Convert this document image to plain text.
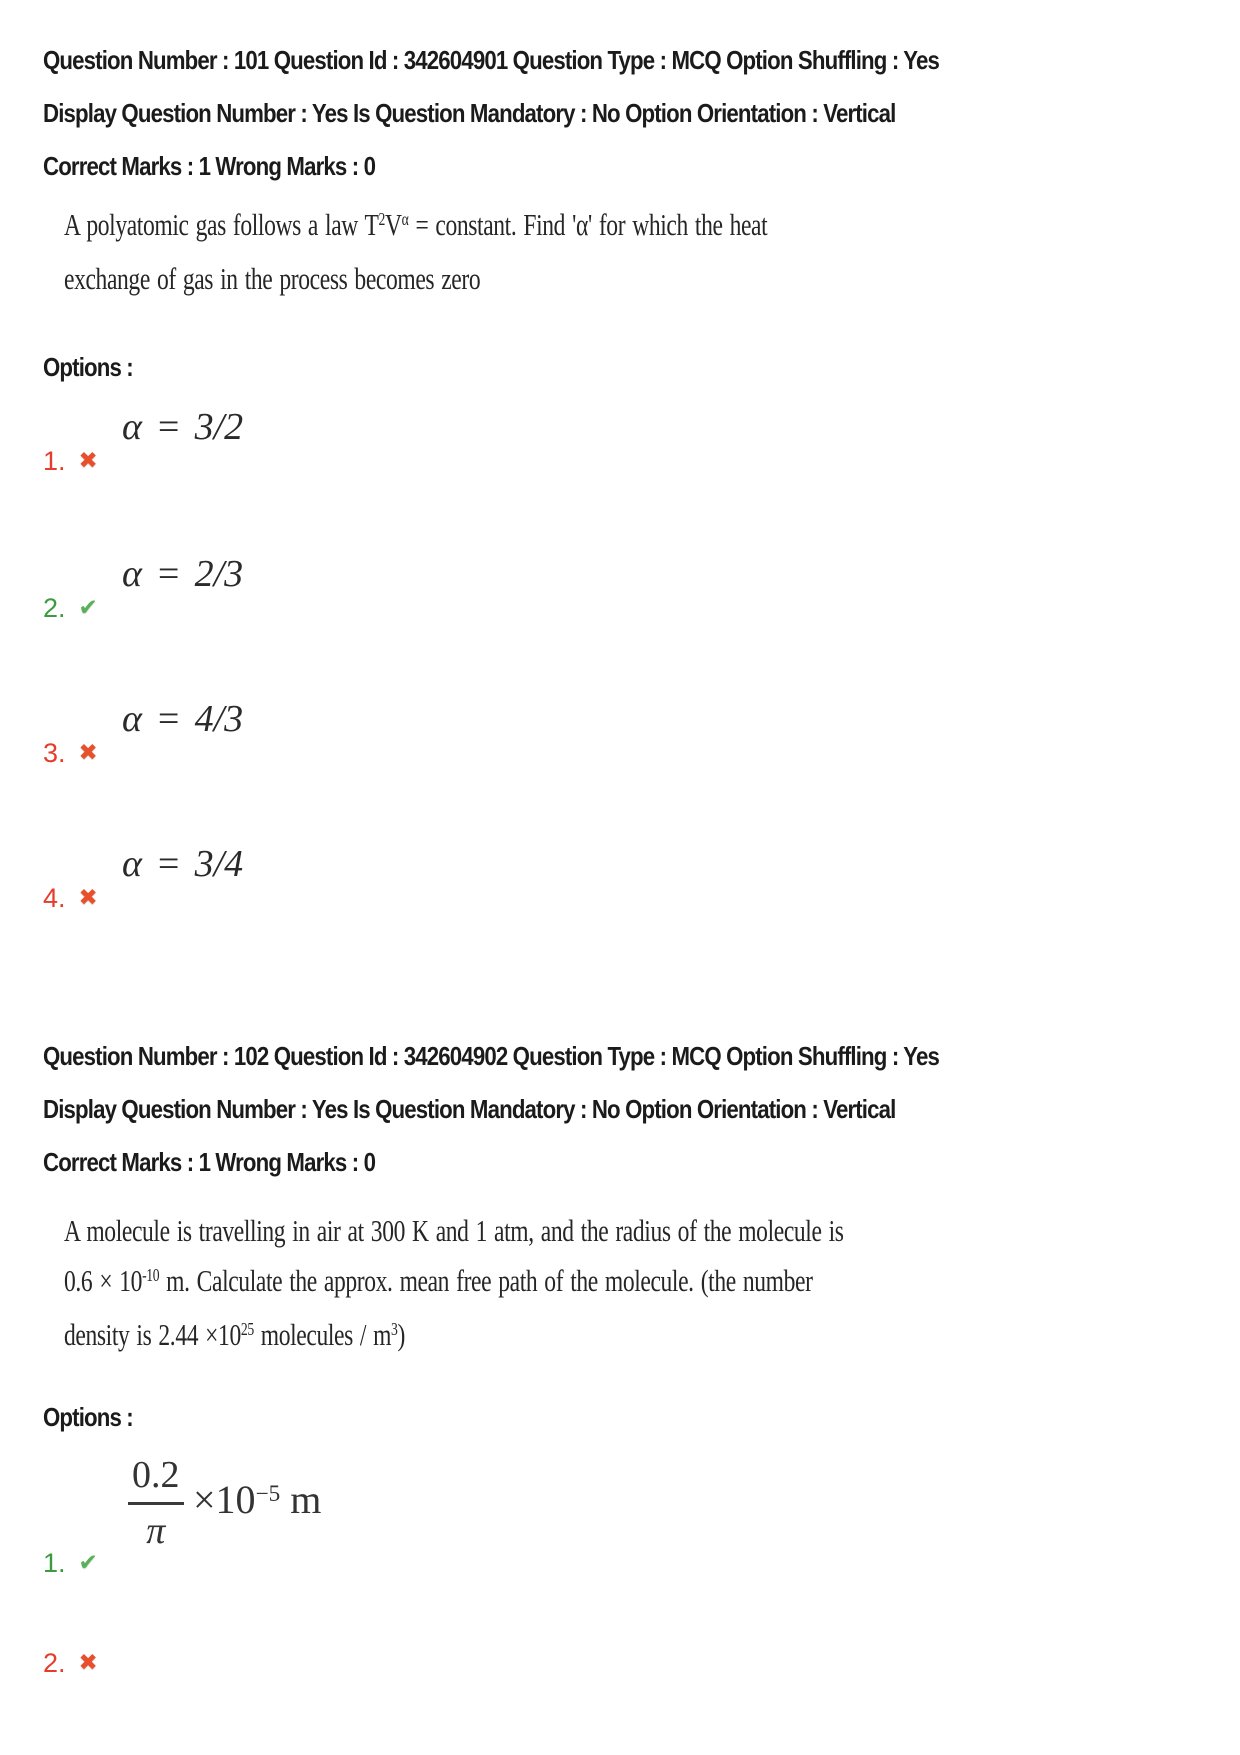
Question Number : 101 Question Id : 342604901 Question Type : MCQ Option Shuffling : Yes
Display Question Number : Yes Is Question Mandatory : No Option Orientation : Vertical
Correct Marks : 1 Wrong Marks : 0
A polyatomic gas follows a law $T^2V^\alpha$ = constant. Find 'α' for which the heat
exchange of gas in the process becomes zero
Options :
α = 3/2
1. ✖
α = 2/3
2. ✔
α = 4/3
3. ✖
α = 3/4
4. ✖
Question Number : 102 Question Id : 342604902 Question Type : MCQ Option Shuffling : Yes
Display Question Number : Yes Is Question Mandatory : No Option Orientation : Vertical
Correct Marks : 1 Wrong Marks : 0
A molecule is travelling in air at 300 K and 1 atm, and the radius of the molecule is
$0.6 \times 10^{-10}$ m. Calculate the approx. mean free path of the molecule. (the number
density is $2.44 \times 10^{25}$ molecules / $m^3$)
Options :
$\frac{0.2}{\pi} \times 10^{-5}$ m
1. ✔
2. ✖
